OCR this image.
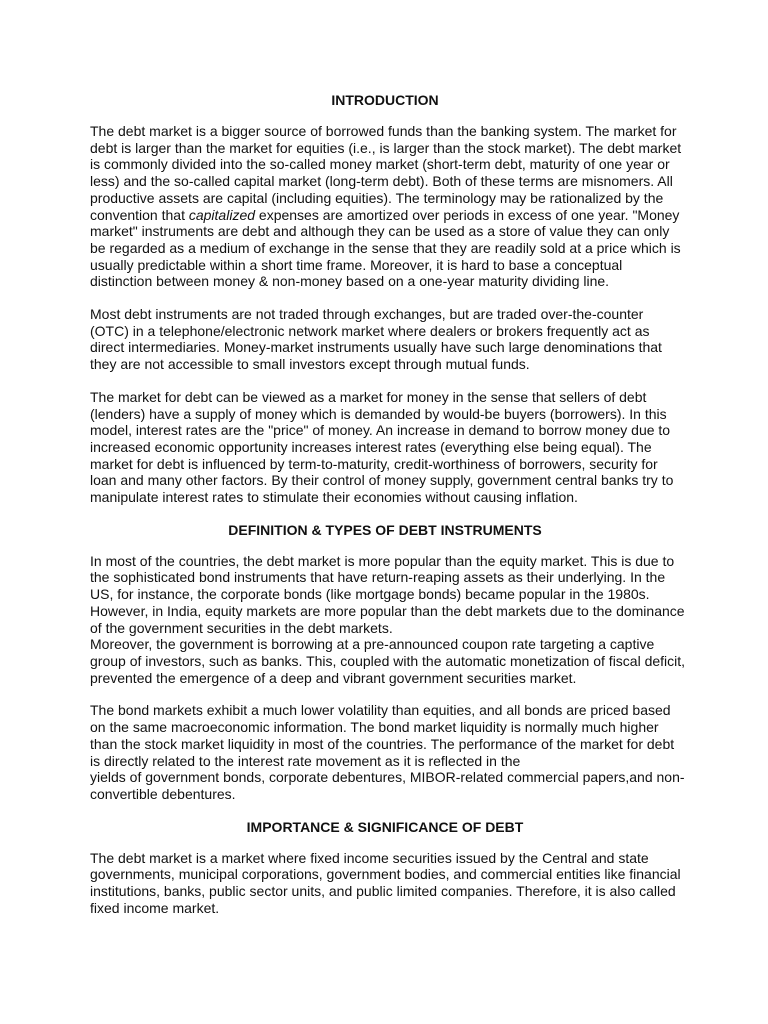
INTRODUCTION
The debt market is a bigger source of borrowed funds than the banking system. The market for
debt is larger than the market for equities (i.e., is larger than the stock market). The debt market
is commonly divided into the so-called money market (short-term debt, maturity of one year or
less) and the so-called capital market (long-term debt). Both of these terms are misnomers. All
productive assets are capital (including equities). The terminology may be rationalized by the
convention that capitalized expenses are amortized over periods in excess of one year. "Money
market" instruments are debt and although they can be used as a store of value they can only
be regarded as a medium of exchange in the sense that they are readily sold at a price which is
usually predictable within a short time frame. Moreover, it is hard to base a conceptual
distinction between money & non-money based on a one-year maturity dividing line.
Most debt instruments are not traded through exchanges, but are traded over-the-counter
(OTC) in a telephone/electronic network market where dealers or brokers frequently act as
direct intermediaries. Money-market instruments usually have such large denominations that
they are not accessible to small investors except through mutual funds.
The market for debt can be viewed as a market for money in the sense that sellers of debt
(lenders) have a supply of money which is demanded by would-be buyers (borrowers). In this
model, interest rates are the "price" of money. An increase in demand to borrow money due to
increased economic opportunity increases interest rates (everything else being equal). The
market for debt is influenced by term-to-maturity, credit-worthiness of borrowers, security for
loan and many other factors. By their control of money supply, government central banks try to
manipulate interest rates to stimulate their economies without causing inflation.
DEFINITION & TYPES OF DEBT INSTRUMENTS
In most of the countries, the debt market is more popular than the equity market. This is due to
the sophisticated bond instruments that have return-reaping assets as their underlying. In the
US, for instance, the corporate bonds (like mortgage bonds) became popular in the 1980s.
However, in India, equity markets are more popular than the debt markets due to the dominance
of the government securities in the debt markets.
Moreover, the government is borrowing at a pre-announced coupon rate targeting a captive
group of investors, such as banks. This, coupled with the automatic monetization of fiscal deficit,
prevented the emergence of a deep and vibrant government securities market.
The bond markets exhibit a much lower volatility than equities, and all bonds are priced based
on the same macroeconomic information. The bond market liquidity is normally much higher
than the stock market liquidity in most of the countries. The performance of the market for debt
is directly related to the interest rate movement as it is reflected in the
yields of government bonds, corporate debentures, MIBOR-related commercial papers,and non-
convertible debentures.
IMPORTANCE & SIGNIFICANCE OF DEBT
The debt market is a market where fixed income securities issued by the Central and state
governments, municipal corporations, government bodies, and commercial entities like financial
institutions, banks, public sector units, and public limited companies. Therefore, it is also called
fixed income market.
